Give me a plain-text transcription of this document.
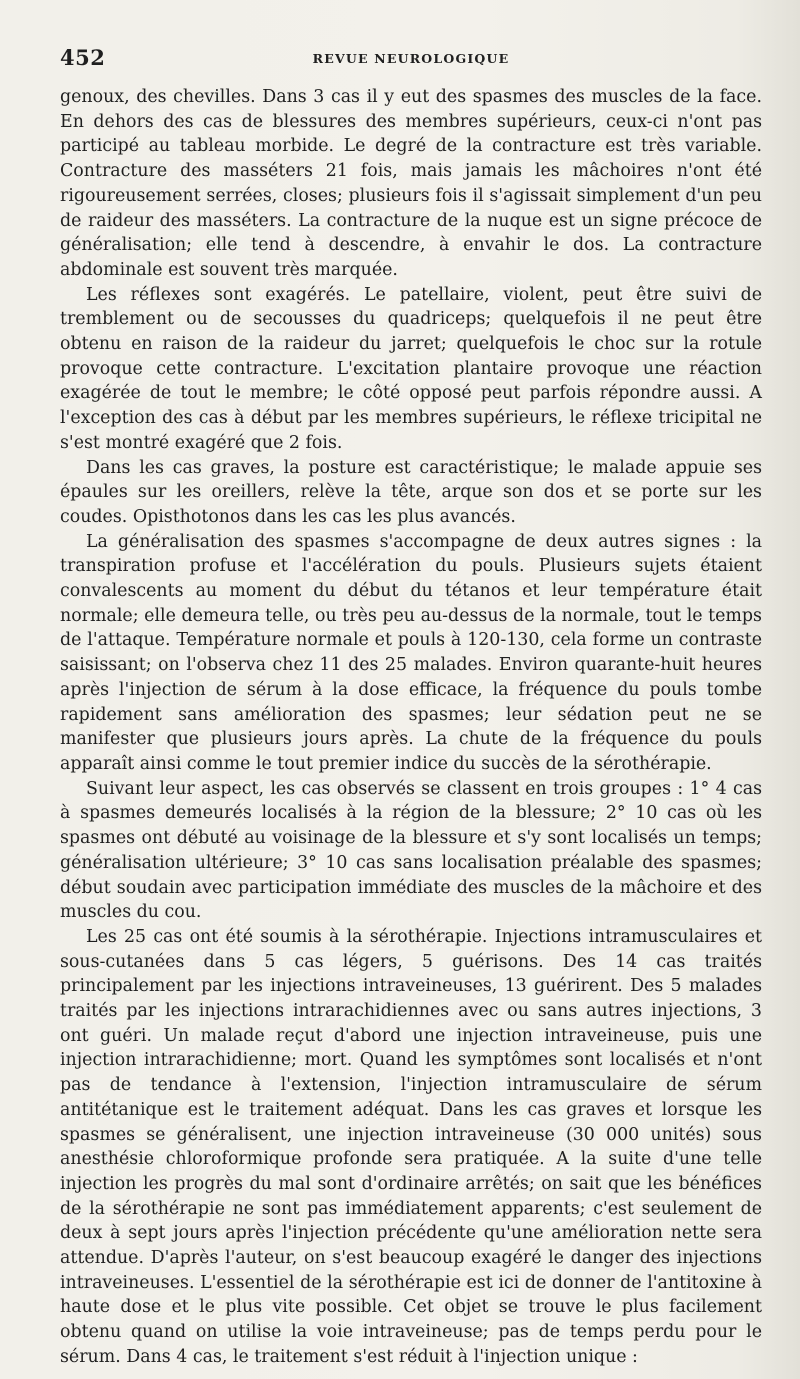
452	REVUE NEUROLOGIQUE

genoux, des chevilles. Dans 3 cas il y eut des spasmes des muscles de la face. En dehors des cas de blessures des membres supérieurs, ceux-ci n'ont pas participé au tableau morbide. Le degré de la contracture est très variable. Contracture des masséters 21 fois, mais jamais les mâchoires n'ont été rigoureusement serrées, closes; plusieurs fois il s'agissait simplement d'un peu de raideur des masséters. La contracture de la nuque est un signe précoce de généralisation; elle tend à descendre, à envahir le dos. La contracture abdominale est souvent très marquée.

Les réflexes sont exagérés. Le patellaire, violent, peut être suivi de tremblement ou de secousses du quadriceps; quelquefois il ne peut être obtenu en raison de la raideur du jarret; quelquefois le choc sur la rotule provoque cette contracture. L'excitation plantaire provoque une réaction exagérée de tout le membre; le côté opposé peut parfois répondre aussi. A l'exception des cas à début par les membres supérieurs, le réflexe tricipital ne s'est montré exagéré que 2 fois.

Dans les cas graves, la posture est caractéristique; le malade appuie ses épaules sur les oreillers, relève la tête, arque son dos et se porte sur les coudes. Opisthotonos dans les cas les plus avancés.

La généralisation des spasmes s'accompagne de deux autres signes : la transpiration profuse et l'accélération du pouls. Plusieurs sujets étaient convalescents au moment du début du tétanos et leur température était normale; elle demeura telle, ou très peu au-dessus de la normale, tout le temps de l'attaque. Température normale et pouls à 120-130, cela forme un contraste saisissant; on l'observa chez 11 des 25 malades. Environ quarante-huit heures après l'injection de sérum à la dose efficace, la fréquence du pouls tombe rapidement sans amélioration des spasmes; leur sédation peut ne se manifester que plusieurs jours après. La chute de la fréquence du pouls apparaît ainsi comme le tout premier indice du succès de la sérothérapie.

Suivant leur aspect, les cas observés se classent en trois groupes : 1° 4 cas à spasmes demeurés localisés à la région de la blessure; 2° 10 cas où les spasmes ont débuté au voisinage de la blessure et s'y sont localisés un temps; généralisation ultérieure; 3° 10 cas sans localisation préalable des spasmes; début soudain avec participation immédiate des muscles de la mâchoire et des muscles du cou.

Les 25 cas ont été soumis à la sérothérapie. Injections intramusculaires et sous-cutanées dans 5 cas légers, 5 guérisons. Des 14 cas traités principalement par les injections intraveineuses, 13 guérirent. Des 5 malades traités par les injections intrarachidiennes avec ou sans autres injections, 3 ont guéri. Un malade reçut d'abord une injection intraveineuse, puis une injection intrarachidienne; mort. Quand les symptômes sont localisés et n'ont pas de tendance à l'extension, l'injection intramusculaire de sérum antitétanique est le traitement adéquat. Dans les cas graves et lorsque les spasmes se généralisent, une injection intraveineuse (30 000 unités) sous anesthésie chloroformique profonde sera pratiquée. A la suite d'une telle injection les progrès du mal sont d'ordinaire arrêtés; on sait que les bénéfices de la sérothérapie ne sont pas immédiatement apparents; c'est seulement de deux à sept jours après l'injection précédente qu'une amélioration nette sera attendue. D'après l'auteur, on s'est beaucoup exagéré le danger des injections intraveineuses. L'essentiel de la sérothérapie est ici de donner de l'antitoxine à haute dose et le plus vite possible. Cet objet se trouve le plus facilement obtenu quand on utilise la voie intraveineuse; pas de temps perdu pour le sérum. Dans 4 cas, le traitement s'est réduit à l'injection unique :
